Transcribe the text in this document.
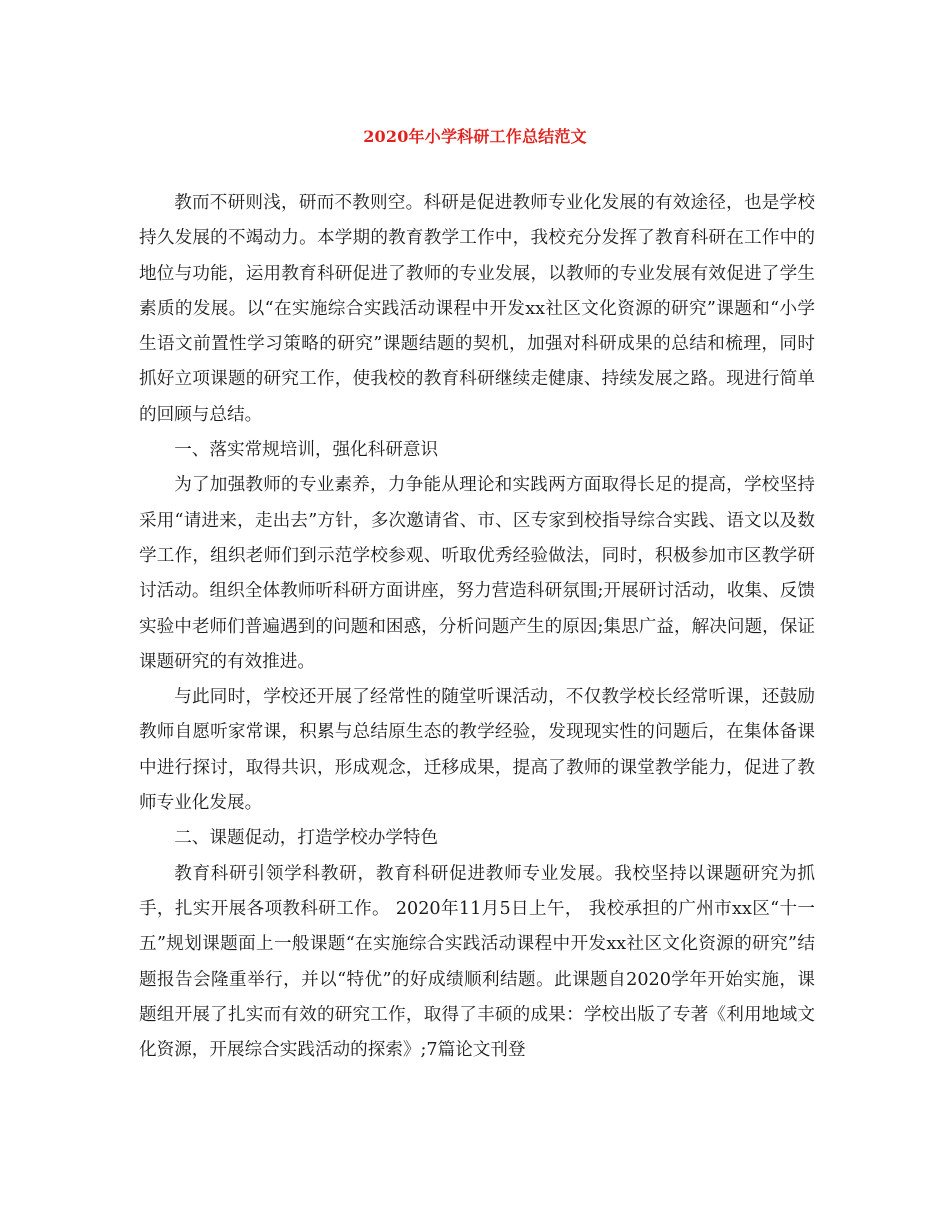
2020年小学科研工作总结范文

教而不研则浅，研而不教则空。科研是促进教师专业化发展的有效途径，也是学校持久发展的不竭动力。本学期的教育教学工作中，我校充分发挥了教育科研在工作中的地位与功能，运用教育科研促进了教师的专业发展，以教师的专业发展有效促进了学生素质的发展。以“在实施综合实践活动课程中开发xx社区文化资源的研究”课题和“小学生语文前置性学习策略的研究”课题结题的契机，加强对科研成果的总结和梳理，同时抓好立项课题的研究工作，使我校的教育科研继续走健康、持续发展之路。现进行简单的回顾与总结。

一、落实常规培训，强化科研意识

为了加强教师的专业素养，力争能从理论和实践两方面取得长足的提高，学校坚持采用“请进来，走出去”方针，多次邀请省、市、区专家到校指导综合实践、语文以及数学工作，组织老师们到示范学校参观、听取优秀经验做法，同时，积极参加市区教学研讨活动。组织全体教师听科研方面讲座，努力营造科研氛围;开展研讨活动，收集、反馈实验中老师们普遍遇到的问题和困惑，分析问题产生的原因;集思广益，解决问题，保证课题研究的有效推进。

与此同时，学校还开展了经常性的随堂听课活动，不仅教学校长经常听课，还鼓励教师自愿听家常课，积累与总结原生态的教学经验，发现现实性的问题后，在集体备课中进行探讨，取得共识，形成观念，迁移成果，提高了教师的课堂教学能力，促进了教师专业化发展。

二、课题促动，打造学校办学特色

教育科研引领学科教研，教育科研促进教师专业发展。我校坚持以课题研究为抓手，扎实开展各项教科研工作。 2020年11月5日上午， 我校承担的广州市xx区“十一五”规划课题面上一般课题“在实施综合实践活动课程中开发xx社区文化资源的研究”结题报告会隆重举行，并以“特优”的好成绩顺利结题。此课题自2020学年开始实施，课题组开展了扎实而有效的研究工作，取得了丰硕的成果：学校出版了专著《利用地域文化资源，开展综合实践活动的探索》;7篇论文刊登
